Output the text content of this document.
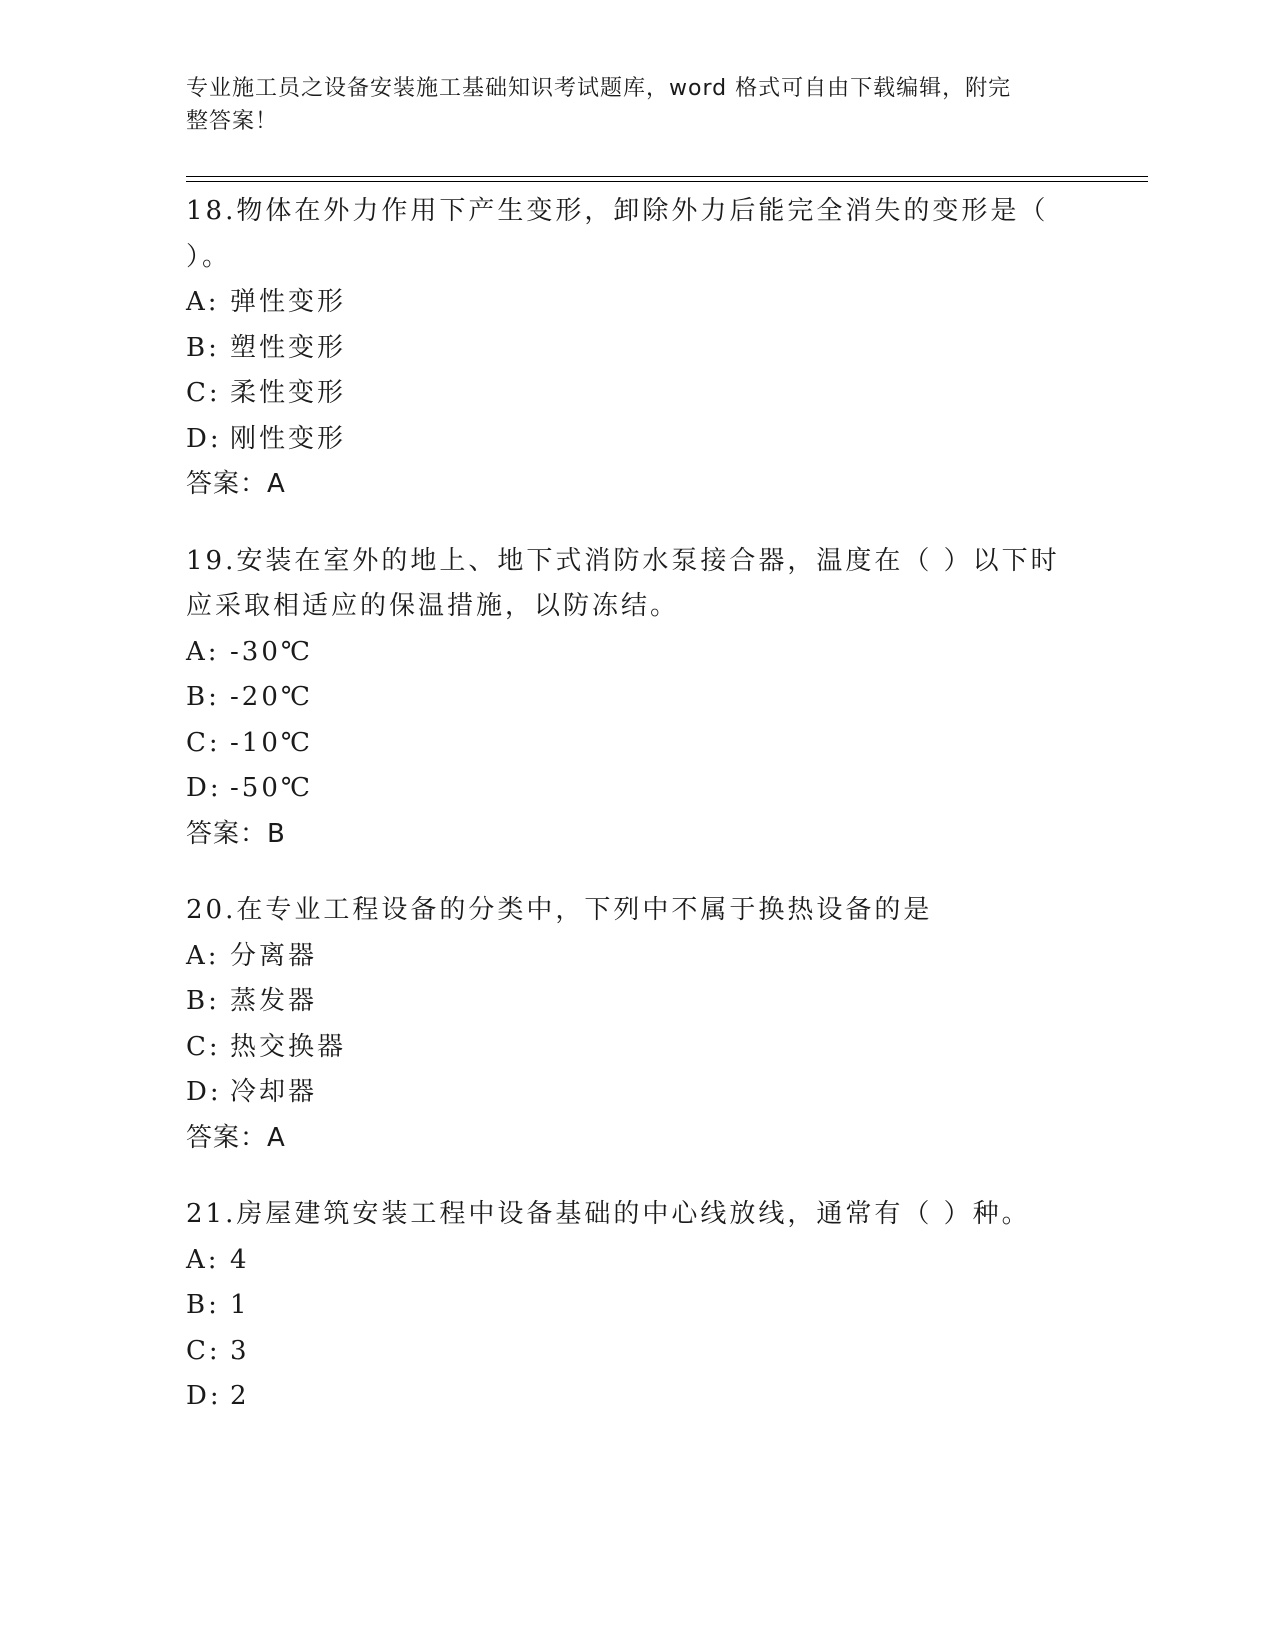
专业施工员之设备安装施工基础知识考试题库，word 格式可自由下载编辑，附完
整答案！
18.物体在外力作用下产生变形，卸除外力后能完全消失的变形是（
）。
A: 弹性变形
B: 塑性变形
C: 柔性变形
D: 刚性变形
答案：A
19.安装在室外的地上、地下式消防水泵接合器，温度在（ ）以下时
应采取相适应的保温措施，以防冻结。
A: -30℃
B: -20℃
C: -10℃
D: -50℃
答案：B
20.在专业工程设备的分类中，下列中不属于换热设备的是
A: 分离器
B: 蒸发器
C: 热交换器
D: 冷却器
答案：A
21.房屋建筑安装工程中设备基础的中心线放线，通常有（ ）种。
A: 4
B: 1
C: 3
D: 2
